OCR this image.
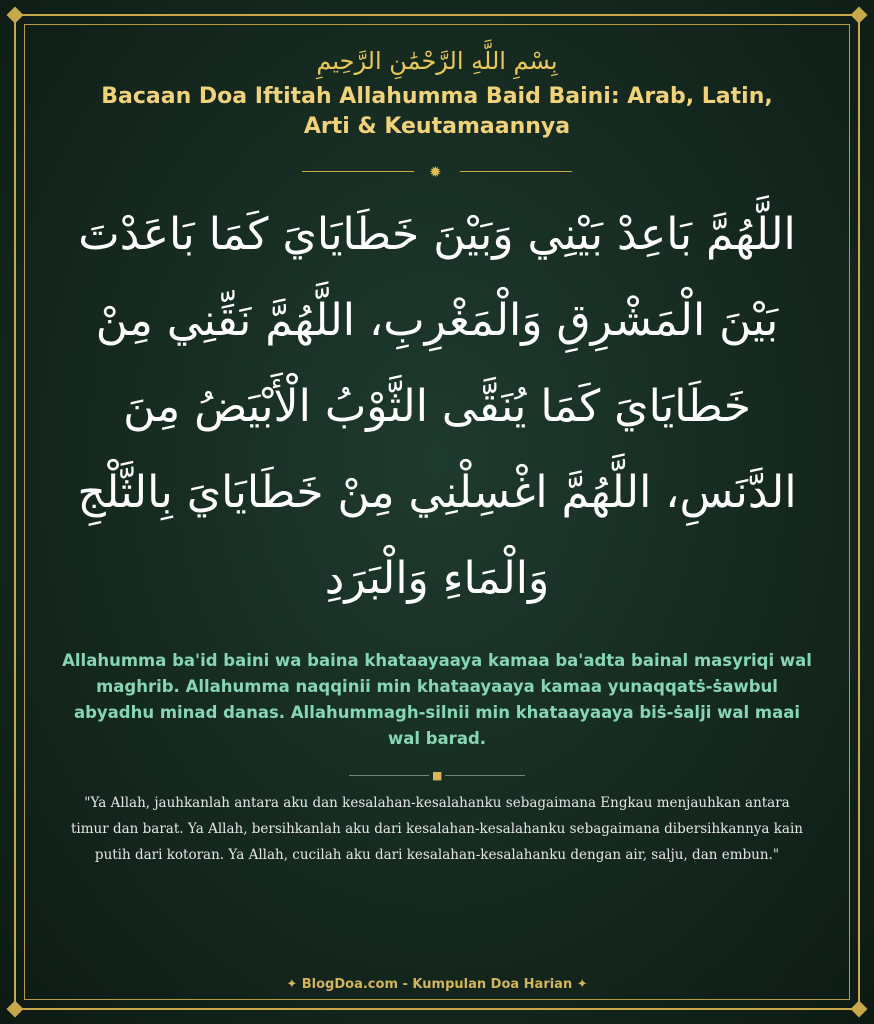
بِسْمِ اللَّهِ الرَّحْمَٰنِ الرَّحِيمِ
Bacaan Doa Iftitah Allahumma Baid Baini: Arab, Latin, Arti & Keutamaannya
✹
اللَّهُمَّ بَاعِدْ بَيْنِي وَبَيْنَ خَطَايَايَ كَمَا بَاعَدْتَ بَيْنَ الْمَشْرِقِ وَالْمَغْرِبِ، اللَّهُمَّ نَقِّنِي مِنْ خَطَايَايَ كَمَا يُنَقَّى الثَّوْبُ الْأَبْيَضُ مِنَ الدَّنَسِ، اللَّهُمَّ اغْسِلْنِي مِنْ خَطَايَايَ بِالثَّلْجِ وَالْمَاءِ وَالْبَرَدِ
Allahumma ba'id baini wa baina khataayaaya kamaa ba'adta bainal masyriqi wal maghrib. Allahumma naqqinii min khataayaaya kamaa yunaqqatṡ-ṡawbul abyadhu minad danas. Allahummagh-silnii min khataayaaya biṡ-ṡalji wal maai wal barad.
■
"Ya Allah, jauhkanlah antara aku dan kesalahan-kesalahanku sebagaimana Engkau menjauhkan antara timur dan barat. Ya Allah, bersihkanlah aku dari kesalahan-kesalahanku sebagaimana dibersihkannya kain putih dari kotoran. Ya Allah, cucilah aku dari kesalahan-kesalahanku dengan air, salju, dan embun."
✦ BlogDoa.com - Kumpulan Doa Harian ✦
